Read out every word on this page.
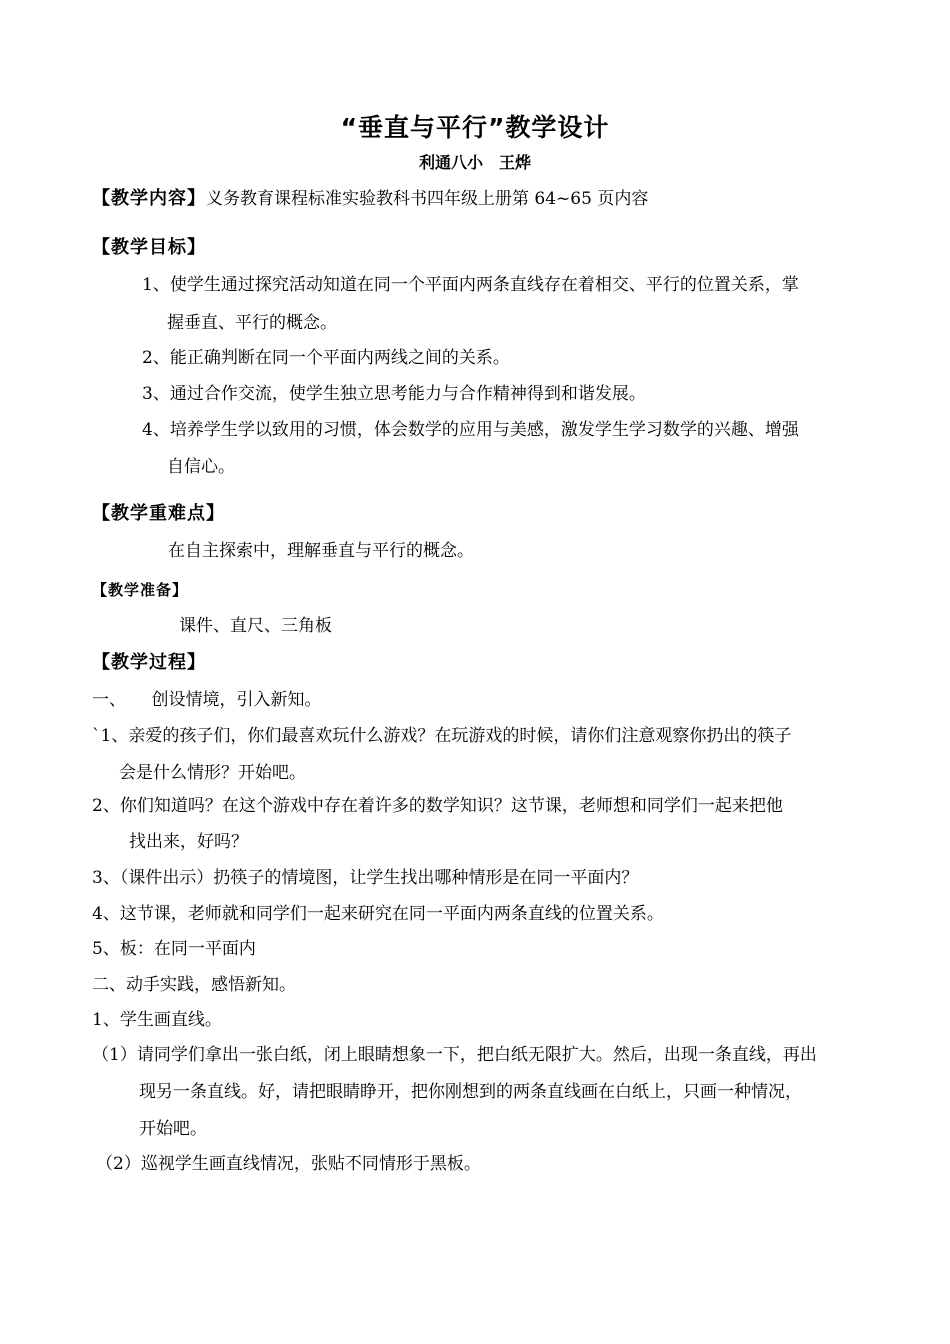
“垂直与平行”教学设计
利通八小　王烨
【教学内容】义务教育课程标准实验教科书四年级上册第 64~65 页内容
【教学目标】
1、使学生通过探究活动知道在同一个平面内两条直线存在着相交、平行的位置关系，掌
握垂直、平行的概念。
2、能正确判断在同一个平面内两线之间的关系。
3、通过合作交流，使学生独立思考能力与合作精神得到和谐发展。
4、培养学生学以致用的习惯，体会数学的应用与美感，激发学生学习数学的兴趣、增强
自信心。
【教学重难点】
在自主探索中，理解垂直与平行的概念。
【教学准备】
课件、直尺、三角板
【教学过程】
一、　　创设情境，引入新知。
`1、亲爱的孩子们，你们最喜欢玩什么游戏？在玩游戏的时候，请你们注意观察你扔出的筷子
会是什么情形？开始吧。
2、你们知道吗？在这个游戏中存在着许多的数学知识？这节课，老师想和同学们一起来把他
找出来，好吗？
3、（课件出示）扔筷子的情境图，让学生找出哪种情形是在同一平面内？
4、这节课，老师就和同学们一起来研究在同一平面内两条直线的位置关系。
5、板：在同一平面内
二、动手实践，感悟新知。
1、学生画直线。
（1）请同学们拿出一张白纸，闭上眼睛想象一下，把白纸无限扩大。然后，出现一条直线，再出
现另一条直线。好，请把眼睛睁开，把你刚想到的两条直线画在白纸上，只画一种情况，
开始吧。
（2）巡视学生画直线情况，张贴不同情形于黑板。
